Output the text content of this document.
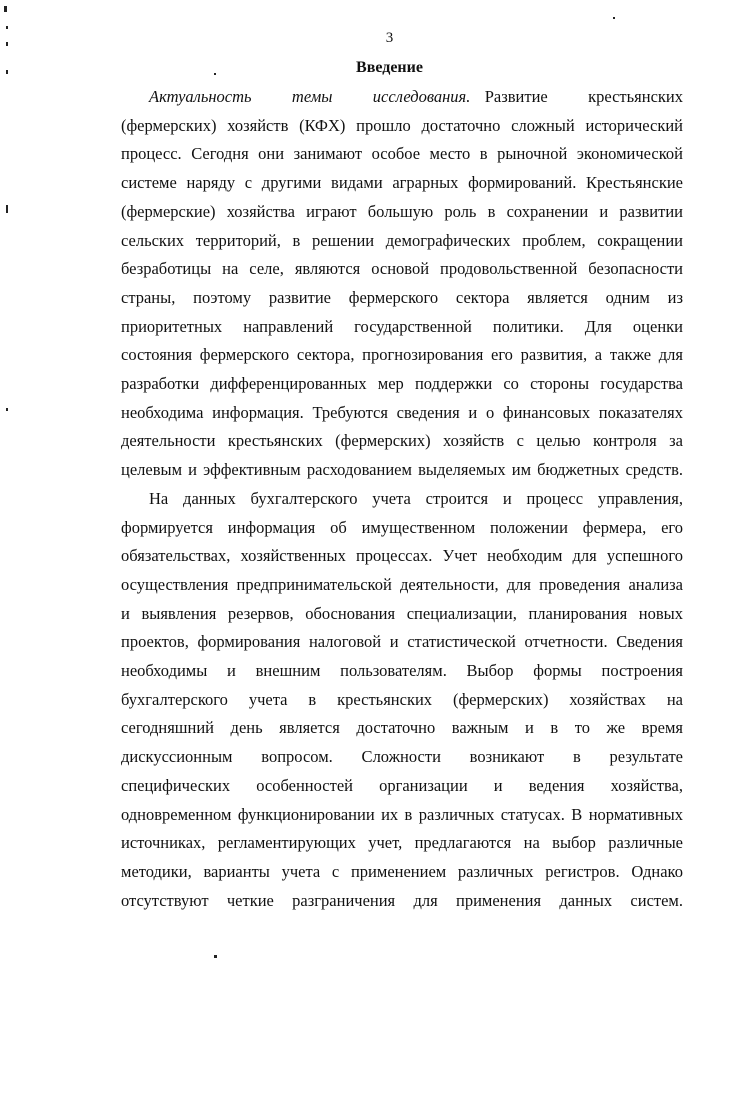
3
Введение
Актуальность темы исследования. Развитие крестьянских
(фермерских) хозяйств (КФХ) прошло достаточно сложный исторический
процесс. Сегодня они занимают особое место в рыночной экономической
системе наряду с другими видами аграрных формирований. Крестьянские
(фермерские) хозяйства играют большую роль в сохранении и развитии
сельских территорий, в решении демографических проблем, сокращении
безработицы на селе, являются основой продовольственной безопасности
страны, поэтому развитие фермерского сектора является одним из
приоритетных направлений государственной политики. Для оценки
состояния фермерского сектора, прогнозирования его развития, а также для
разработки дифференцированных мер поддержки со стороны государства
необходима информация. Требуются сведения и о финансовых показателях
деятельности крестьянских (фермерских) хозяйств с целью контроля за
целевым и эффективным расходованием выделяемых им бюджетных средств.
На данных бухгалтерского учета строится и процесс управления,
формируется информация об имущественном положении фермера, его
обязательствах, хозяйственных процессах. Учет необходим для успешного
осуществления предпринимательской деятельности, для проведения анализа
и выявления резервов, обоснования специализации, планирования новых
проектов, формирования налоговой и статистической отчетности. Сведения
необходимы и внешним пользователям. Выбор формы построения
бухгалтерского учета в крестьянских (фермерских) хозяйствах на
сегодняшний день является достаточно важным и в то же время
дискуссионным вопросом. Сложности возникают в результате
специфических особенностей организации и ведения хозяйства,
одновременном функционировании их в различных статусах. В нормативных
источниках, регламентирующих учет, предлагаются на выбор различные
методики, варианты учета с применением различных регистров. Однако
отсутствуют четкие разграничения для применения данных систем.
